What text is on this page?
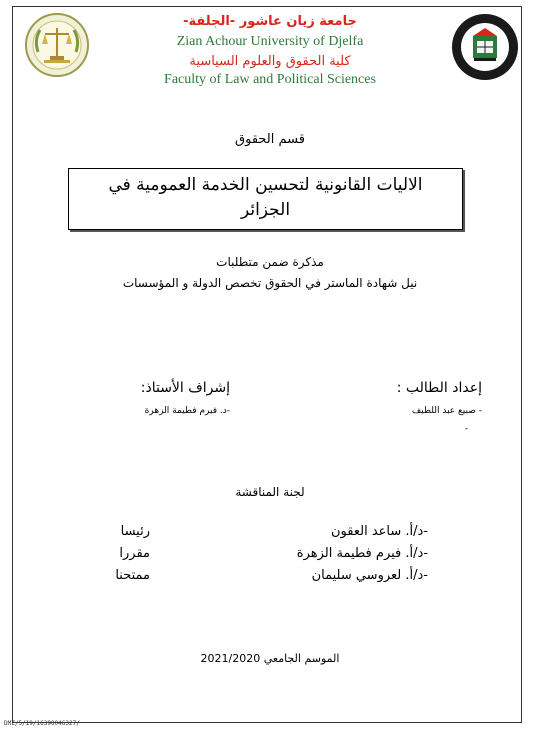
جامعة زيان عاشور -الجلفة-
Zian Achour University of Djelfa
كلية الحقوق والعلوم السياسية
Faculty of Law and Political Sciences
قسم الحقوق
الاليات القانونية لتحسين الخدمة العمومية في
الجزائر
مذكرة ضمن متطلبات
نيل شهادة الماستر في الحقوق تخصص الدولة و المؤسسات
إعداد الطالب :
- صبيع عبد اللطيف
-
إشراف الأستاذ:
-د. فيرم فطيمة الزهرة
لجنة المناقشة
-د/أ. ساعد العقون
رئيسا
-د/أ. فيرم فطيمة الزهرة
مقررا
-د/أ. لعروسي سليمان
ممتحنا
الموسم الجامعي 2021/2020
DMZ/5/19/16390046327/
